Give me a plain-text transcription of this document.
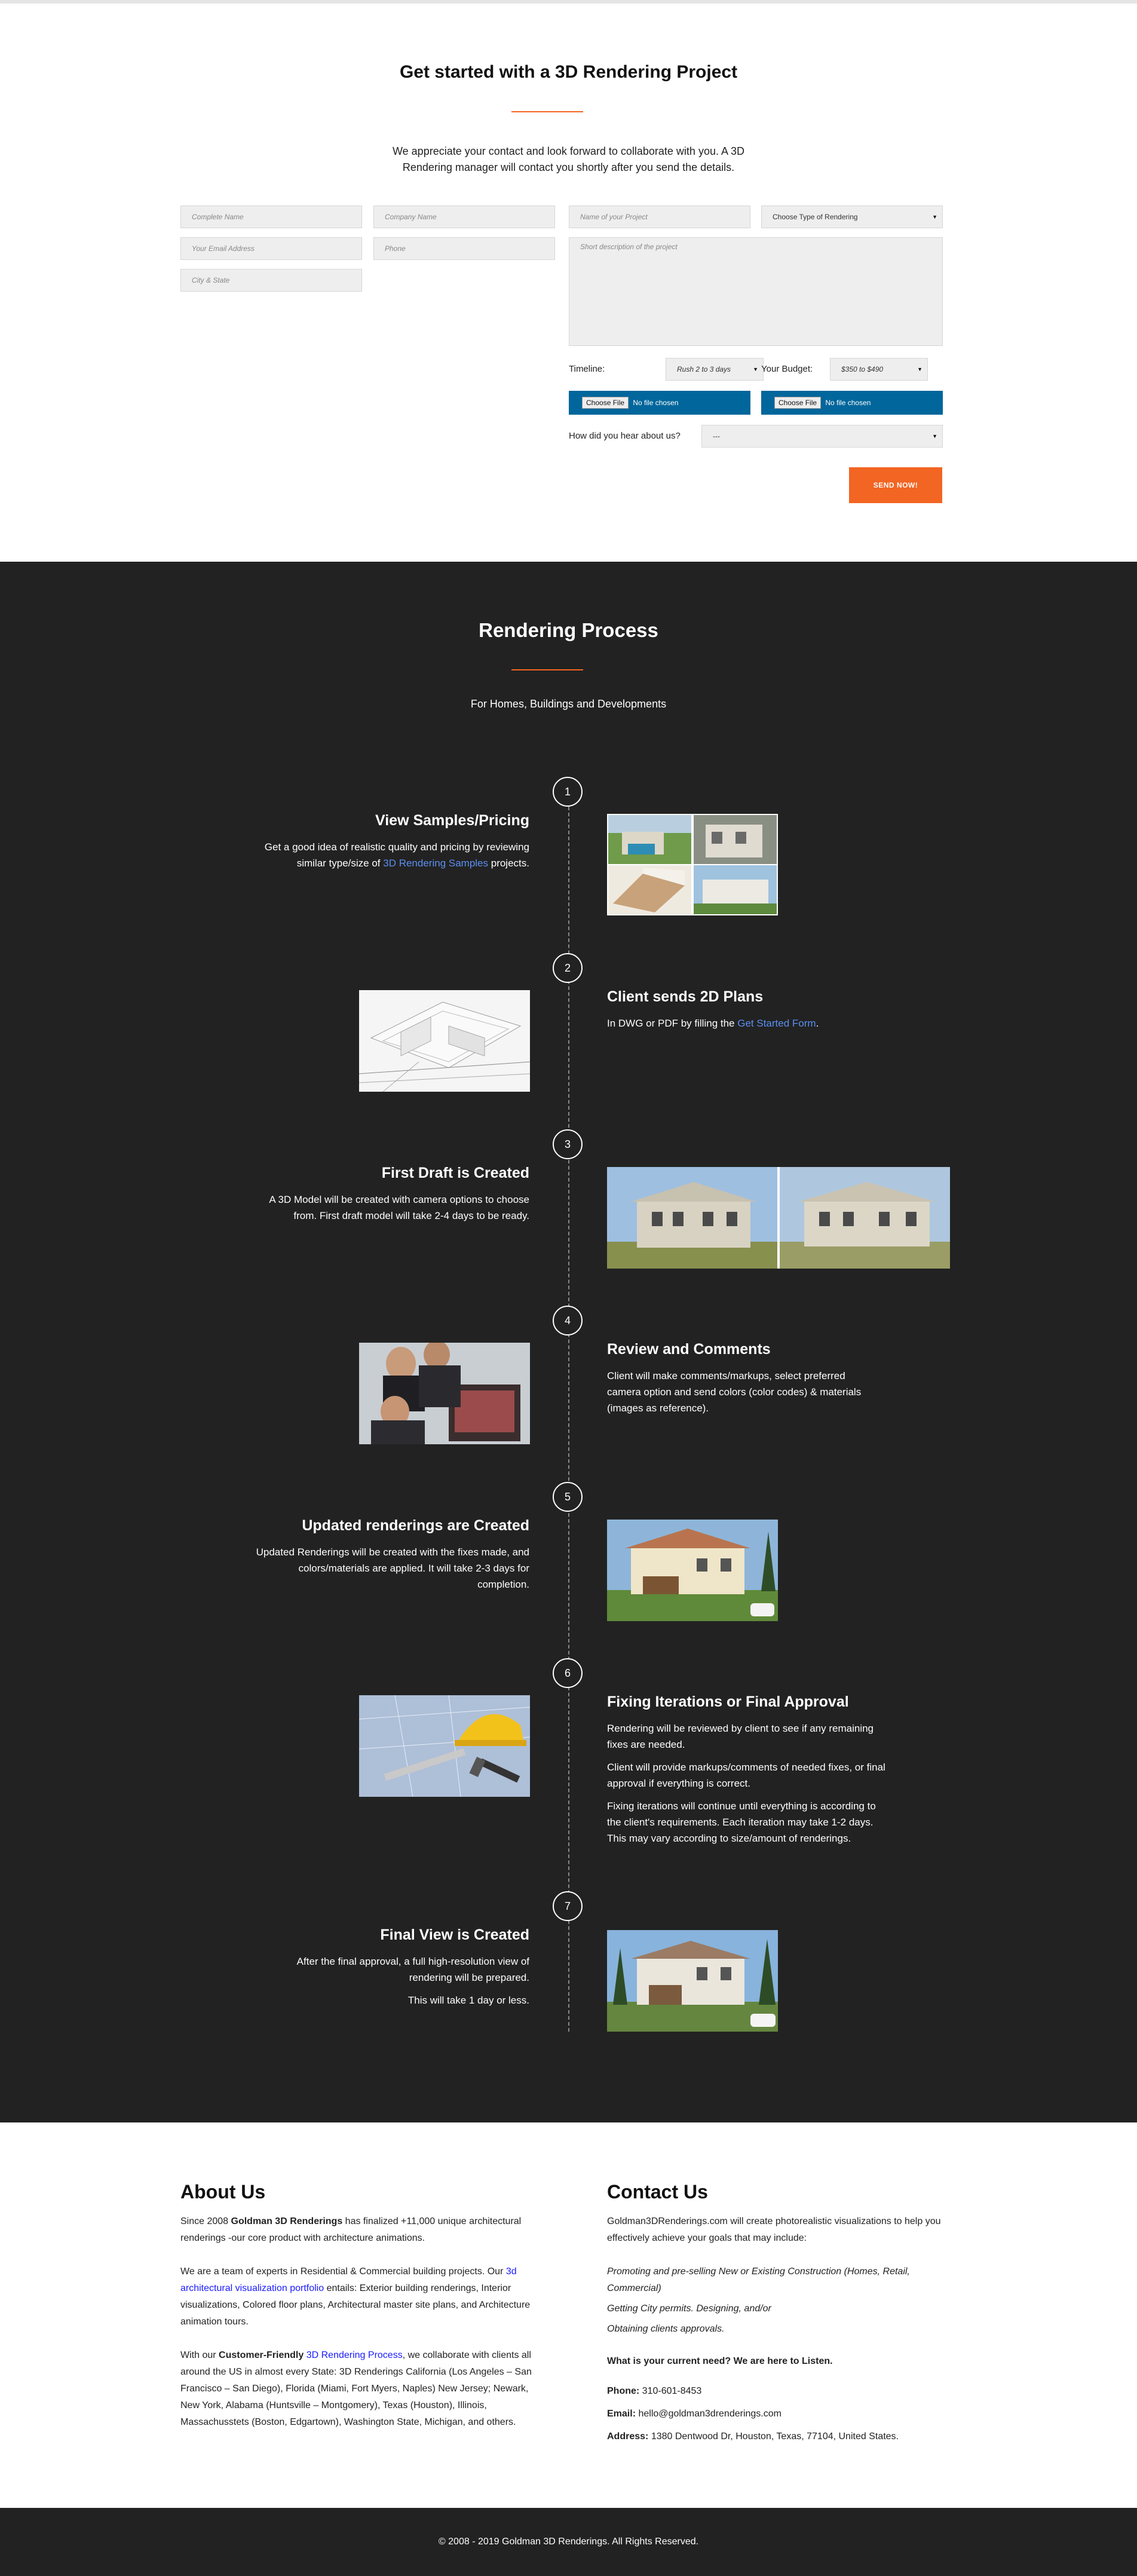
Get started with a 3D Rendering Project
We appreciate your contact and look forward to collaborate with you. A 3D Rendering manager will contact you shortly after you send the details.
Complete Name	Company Name
Your Email Address	Phone
City & State
Name of your Project	Choose Type of Rendering	▼
Short description of the project
Timeline:	Rush 2 to 3 days	▼ Your Budget:	$350 to $490	▼
Choose File No file chosen	Choose File No file chosen
How did you hear about us?	---	▼
SEND NOW!
Rendering Process
For Homes, Buildings and Developments
1
View Samples/Pricing
Get a good idea of realistic quality and pricing by reviewing similar type/size of 3D Rendering Samples projects.
2
Client sends 2D Plans
In DWG or PDF by filling the Get Started Form.
3
First Draft is Created
A 3D Model will be created with camera options to choose from. First draft model will take 2-4 days to be ready.
4
Review and Comments
Client will make comments/markups, select preferred camera option and send colors (color codes) & materials (images as reference).
5
Updated renderings are Created
Updated Renderings will be created with the fixes made, and colors/materials are applied. It will take 2-3 days for completion.
6
Fixing Iterations or Final Approval

Rendering will be reviewed by client to see if any remaining fixes are needed.

Client will provide markups/comments of needed fixes, or final approval if everything is correct.

Fixing iterations will continue until everything is according to the client's requirements. Each iteration may take 1-2 days. This may vary according to size/amount of renderings.

7
Final View is Created

After the final approval, a full high-resolution view of rendering will be prepared.

This will take 1 day or less.

About Us

Since 2008 Goldman 3D Renderings has finalized +11,000 unique architectural renderings -our core product with architecture animations.

We are a team of experts in Residential & Commercial building projects. Our 3d architectural visualization portfolio entails: Exterior building renderings, Interior visualizations, Colored floor plans, Architectural master site plans, and Architecture animation tours.

With our Customer-Friendly 3D Rendering Process, we collaborate with clients all around the US in almost every State: 3D Renderings California (Los Angeles – San Francisco – San Diego), Florida (Miami, Fort Myers, Naples) New Jersey; Newark, New York, Alabama (Huntsville – Montgomery), Texas (Houston), Illinois, Massachusstets (Boston, Edgartown), Washington State, Michigan, and others.

Contact Us

Goldman3DRenderings.com will create photorealistic visualizations to help you effectively achieve your goals that may include:

Promoting and pre-selling New or Existing Construction (Homes, Retail, Commercial)
Getting City permits. Designing, and/or
Obtaining clients approvals.

What is your current need? We are here to Listen.

Phone: 310-601-8453
Email: hello@goldman3drenderings.com
Address: 1380 Dentwood Dr, Houston, Texas, 77104, United States.
© 2008 - 2019 Goldman 3D Renderings. All Rights Reserved.
